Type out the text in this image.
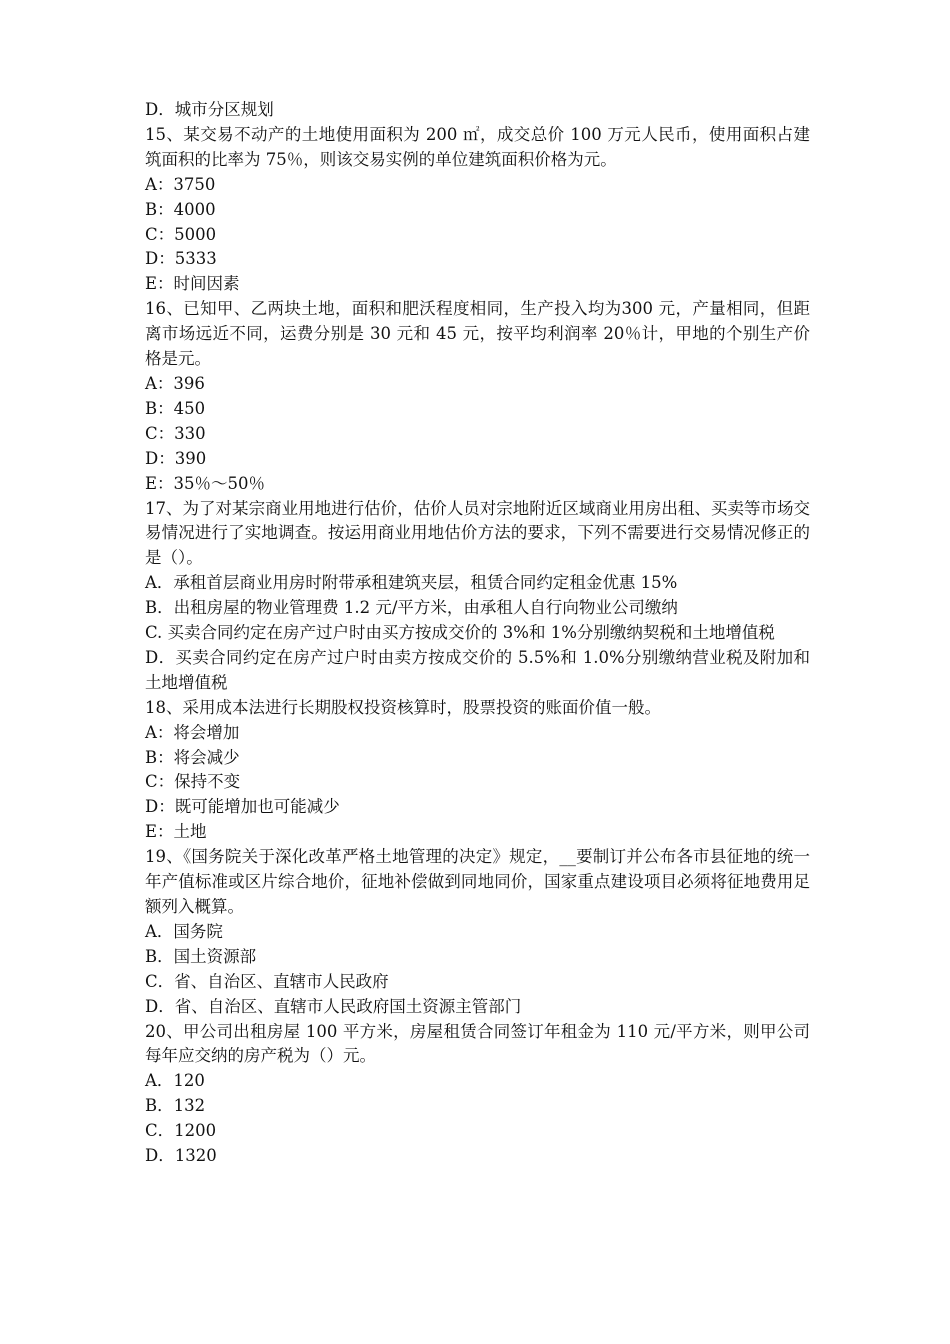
D．城市分区规划

15、某交易不动产的土地使用面积为 200 ㎡，成交总价 100 万元人民币，使用面积占建筑面积的比率为 75％，则该交易实例的单位建筑面积价格为元。

A：3750

B：4000

C：5000

D：5333

E：时间因素

16、已知甲、乙两块土地，面积和肥沃程度相同，生产投入均为300 元，产量相同，但距离市场远近不同，运费分别是 30 元和 45 元，按平均利润率 20％计，甲地的个别生产价格是元。

A：396

B：450

C：330

D：390

E：35％～50％

17、为了对某宗商业用地进行估价，估价人员对宗地附近区域商业用房出租、买卖等市场交易情况进行了实地调查。按运用商业用地估价方法的要求，下列不需要进行交易情况修正的是（）。

A．承租首层商业用房时附带承租建筑夹层，租赁合同约定租金优惠 15%

B．出租房屋的物业管理费 1.2 元/平方米，由承租人自行向物业公司缴纳

C. 买卖合同约定在房产过户时由买方按成交价的 3%和 1%分别缴纳契税和土地增值税

D．买卖合同约定在房产过户时由卖方按成交价的 5.5%和 1.0%分别缴纳营业税及附加和土地增值税

18、采用成本法进行长期股权投资核算时，股票投资的账面价值一般。

A：将会增加

B：将会减少

C：保持不变

D：既可能增加也可能减少

E：土地

19、《国务院关于深化改革严格土地管理的决定》规定，__要制订并公布各市县征地的统一年产值标准或区片综合地价，征地补偿做到同地同价，国家重点建设项目必须将征地费用足额列入概算。

A．国务院

B．国土资源部

C．省、自治区、直辖市人民政府

D．省、自治区、直辖市人民政府国土资源主管部门

20、甲公司出租房屋 100 平方米，房屋租赁合同签订年租金为 110 元/平方米，则甲公司每年应交纳的房产税为（）元。

A．120

B．132

C．1200

D．1320
